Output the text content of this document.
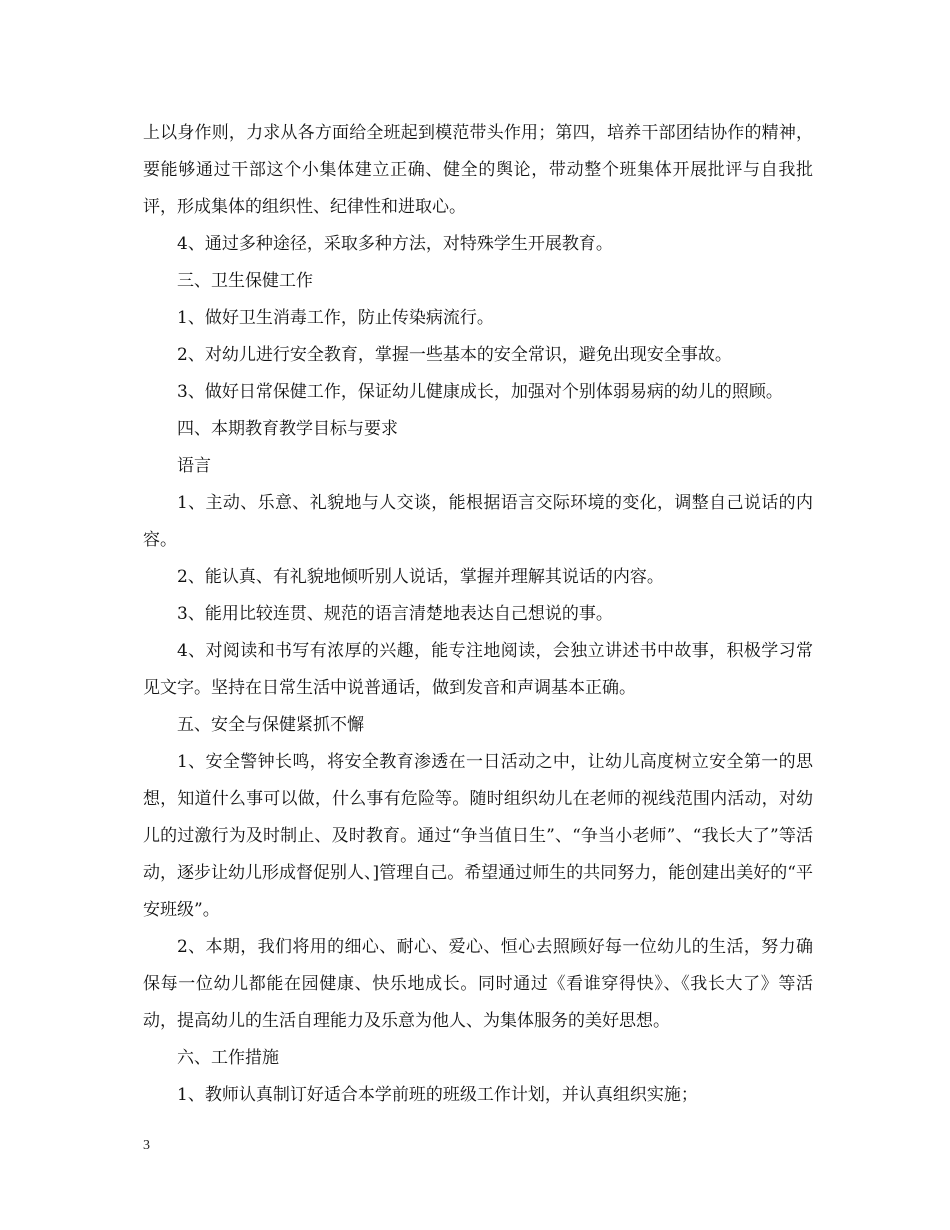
上以身作则，力求从各方面给全班起到模范带头作用；第四，培养干部团结协作的精神，要能够通过干部这个小集体建立正确、健全的舆论，带动整个班集体开展批评与自我批评，形成集体的组织性、纪律性和进取心。

4、通过多种途径，采取多种方法，对特殊学生开展教育。

三、卫生保健工作

1、做好卫生消毒工作，防止传染病流行。

2、对幼儿进行安全教育，掌握一些基本的安全常识，避免出现安全事故。

3、做好日常保健工作，保证幼儿健康成长，加强对个别体弱易病的幼儿的照顾。

四、本期教育教学目标与要求

语言

1、主动、乐意、礼貌地与人交谈，能根据语言交际环境的变化，调整自己说话的内容。

2、能认真、有礼貌地倾听别人说话，掌握并理解其说话的内容。

3、能用比较连贯、规范的语言清楚地表达自己想说的事。

4、对阅读和书写有浓厚的兴趣，能专注地阅读，会独立讲述书中故事，积极学习常见文字。坚持在日常生活中说普通话，做到发音和声调基本正确。

五、安全与保健紧抓不懈

1、安全警钟长鸣，将安全教育渗透在一日活动之中，让幼儿高度树立安全第一的思想，知道什么事可以做，什么事有危险等。随时组织幼儿在老师的视线范围内活动，对幼儿的过激行为及时制止、及时教育。通过“争当值日生”、“争当小老师”、“我长大了”等活动，逐步让幼儿形成督促别人、]管理自己。希望通过师生的共同努力，能创建出美好的“平安班级”。

2、本期，我们将用的细心、耐心、爱心、恒心去照顾好每一位幼儿的生活，努力确保每一位幼儿都能在园健康、快乐地成长。同时通过《看谁穿得快》、《我长大了》等活动，提高幼儿的生活自理能力及乐意为他人、为集体服务的美好思想。

六、工作措施

1、教师认真制订好适合本学前班的班级工作计划，并认真组织实施；

3
